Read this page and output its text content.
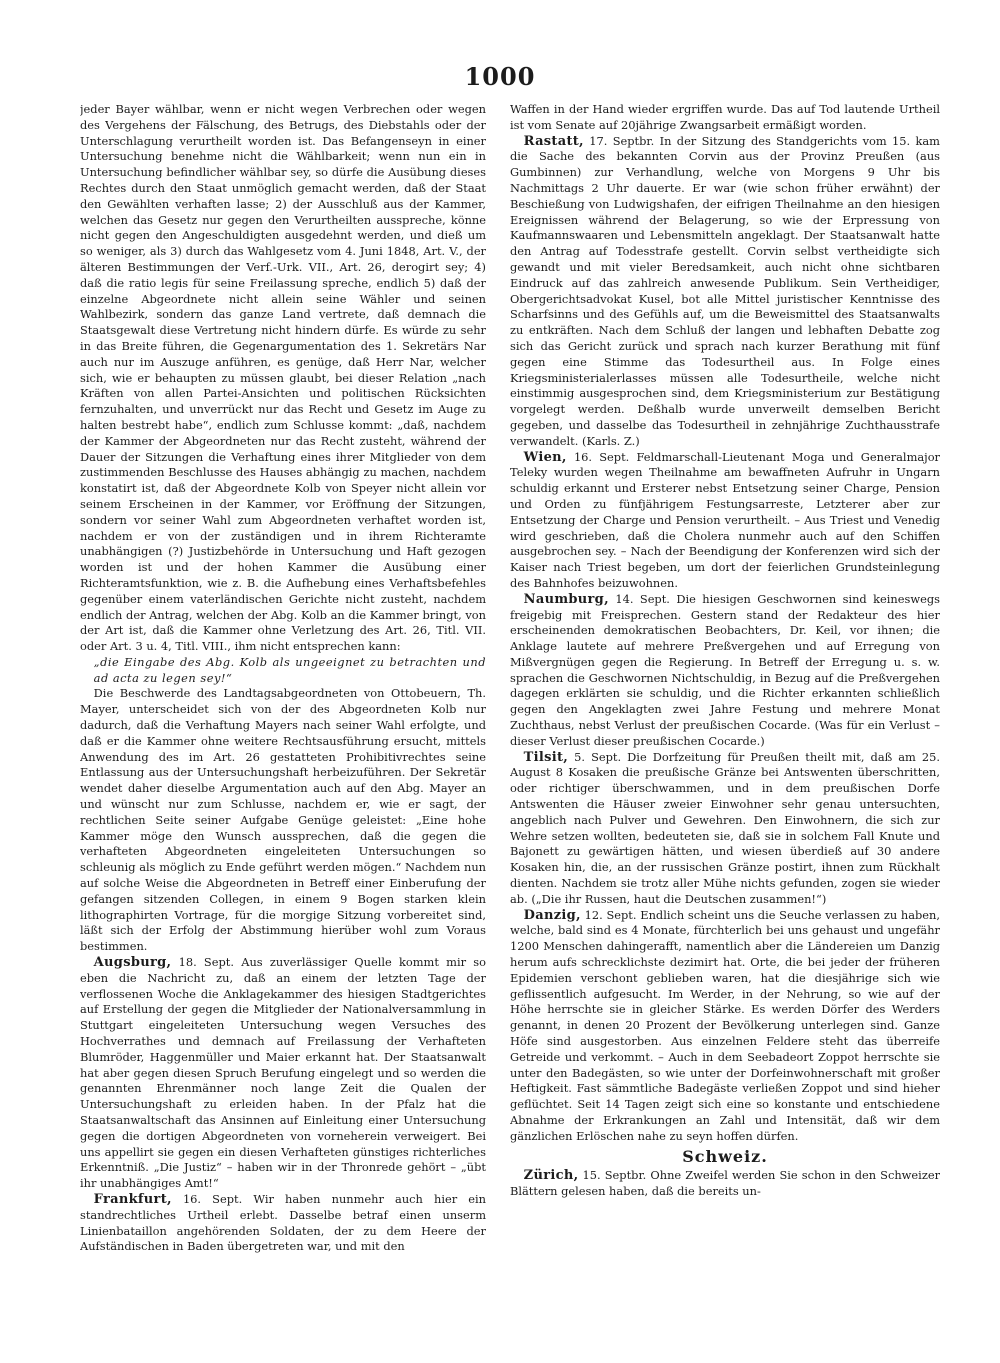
1000

jeder Bayer wählbar, wenn er nicht wegen Verbrechen oder wegen des Vergehens der Fälschung, des Betrugs, des Diebstahls oder der Unterschlagung verurtheilt worden ist. Das Befangenseyn in einer Untersuchung benehme nicht die Wählbarkeit; wenn nun ein in Untersuchung befindlicher wählbar sey, so dürfe die Ausübung dieses Rechtes durch den Staat unmöglich gemacht werden, daß der Staat den Gewählten verhaften lasse; 2) der Ausschluß aus der Kammer, welchen das Gesetz nur gegen den Verurtheilten ausspreche, könne nicht gegen den Angeschuldigten ausgedehnt werden, und dieß um so weniger, als 3) durch das Wahlgesetz vom 4. Juni 1848, Art. V., der älteren Bestimmungen der Verf.-Urk. VII., Art. 26, derogirt sey; 4) daß die ratio legis für seine Freilassung spreche, endlich 5) daß der einzelne Abgeordnete nicht allein seine Wähler und seinen Wahlbezirk, sondern das ganze Land vertrete, daß demnach die Staatsgewalt diese Vertretung nicht hindern dürfe. Es würde zu sehr in das Breite führen, die Gegenargumentation des 1. Sekretärs Nar auch nur im Auszuge anführen, es genüge, daß Herr Nar, welcher sich, wie er behaupten zu müssen glaubt, bei dieser Relation „nach Kräften von allen Partei-Ansichten und politischen Rücksichten fernzuhalten, und unverrückt nur das Recht und Gesetz im Auge zu halten bestrebt habe“, endlich zum Schlusse kommt: „daß, nachdem der Kammer der Abgeordneten nur das Recht zusteht, während der Dauer der Sitzungen die Verhaftung eines ihrer Mitglieder von dem zustimmenden Beschlusse des Hauses abhängig zu machen, nachdem konstatirt ist, daß der Abgeordnete Kolb von Speyer nicht allein vor seinem Erscheinen in der Kammer, vor Eröffnung der Sitzungen, sondern vor seiner Wahl zum Abgeordneten verhaftet worden ist, nachdem er von der zuständigen und in ihrem Richteramte unabhängigen (?) Justizbehörde in Untersuchung und Haft gezogen worden ist und der hohen Kammer die Ausübung einer Richteramtsfunktion, wie z. B. die Aufhebung eines Verhaftsbefehles gegenüber einem vaterländischen Gerichte nicht zusteht, nachdem endlich der Antrag, welchen der Abg. Kolb an die Kammer bringt, von der Art ist, daß die Kammer ohne Verletzung des Art. 26, Titl. VII. oder Art. 3 u. 4, Titl. VIII., ihm nicht entsprechen kann:

„die Eingabe des Abg. Kolb als ungeeignet zu betrachten und ad acta zu legen sey!“

Die Beschwerde des Landtagsabgeordneten von Ottobeuern, Th. Mayer, unterscheidet sich von der des Abgeordneten Kolb nur dadurch, daß die Verhaftung Mayers nach seiner Wahl erfolgte, und daß er die Kammer ohne weitere Rechtsausführung ersucht, mittels Anwendung des im Art. 26 gestatteten Prohibitivrechtes seine Entlassung aus der Untersuchungshaft herbeizuführen. Der Sekretär wendet daher dieselbe Argumentation auch auf den Abg. Mayer an und wünscht nur zum Schlusse, nachdem er, wie er sagt, der rechtlichen Seite seiner Aufgabe Genüge geleistet: „Eine hohe Kammer möge den Wunsch aussprechen, daß die gegen die verhafteten Abgeordneten eingeleiteten Untersuchungen so schleunig als möglich zu Ende geführt werden mögen.“ Nachdem nun auf solche Weise die Abgeordneten in Betreff einer Einberufung der gefangen sitzenden Collegen, in einem 9 Bogen starken klein lithographirten Vortrage, für die morgige Sitzung vorbereitet sind, läßt sich der Erfolg der Abstimmung hierüber wohl zum Voraus bestimmen.

Augsburg, 18. Sept. Aus zuverlässiger Quelle kommt mir so eben die Nachricht zu, daß an einem der letzten Tage der verflossenen Woche die Anklagekammer des hiesigen Stadtgerichtes auf Erstellung der gegen die Mitglieder der Nationalversammlung in Stuttgart eingeleiteten Untersuchung wegen Versuches des Hochverrathes und demnach auf Freilassung der Verhafteten Blumröder, Haggenmüller und Maier erkannt hat. Der Staatsanwalt hat aber gegen diesen Spruch Berufung eingelegt und so werden die genannten Ehrenmänner noch lange Zeit die Qualen der Untersuchungshaft zu erleiden haben. In der Pfalz hat die Staatsanwaltschaft das Ansinnen auf Einleitung einer Untersuchung gegen die dortigen Abgeordneten von vorneherein verweigert. Bei uns appellirt sie gegen ein diesen Verhafteten günstiges richterliches Erkenntniß. „Die Justiz“ – haben wir in der Thronrede gehört – „übt ihr unabhängiges Amt!“

Frankfurt, 16. Sept. Wir haben nunmehr auch hier ein standrechtliches Urtheil erlebt. Dasselbe betraf einen unserm Linienbataillon angehörenden Soldaten, der zu dem Heere der Aufständischen in Baden übergetreten war, und mit den

Waffen in der Hand wieder ergriffen wurde. Das auf Tod lautende Urtheil ist vom Senate auf 20jährige Zwangsarbeit ermäßigt worden.

Rastatt, 17. Septbr. In der Sitzung des Standgerichts vom 15. kam die Sache des bekannten Corvin aus der Provinz Preußen (aus Gumbinnen) zur Verhandlung, welche von Morgens 9 Uhr bis Nachmittags 2 Uhr dauerte. Er war (wie schon früher erwähnt) der Beschießung von Ludwigshafen, der eifrigen Theilnahme an den hiesigen Ereignissen während der Belagerung, so wie der Erpressung von Kaufmannswaaren und Lebensmitteln angeklagt. Der Staatsanwalt hatte den Antrag auf Todesstrafe gestellt. Corvin selbst vertheidigte sich gewandt und mit vieler Beredsamkeit, auch nicht ohne sichtbaren Eindruck auf das zahlreich anwesende Publikum. Sein Vertheidiger, Obergerichtsadvokat Kusel, bot alle Mittel juristischer Kenntnisse des Scharfsinns und des Gefühls auf, um die Beweismittel des Staatsanwalts zu entkräften. Nach dem Schluß der langen und lebhaften Debatte zog sich das Gericht zurück und sprach nach kurzer Berathung mit fünf gegen eine Stimme das Todesurtheil aus. In Folge eines Kriegsministerialerlasses müssen alle Todesurtheile, welche nicht einstimmig ausgesprochen sind, dem Kriegsministerium zur Bestätigung vorgelegt werden. Deßhalb wurde unverweilt demselben Bericht gegeben, und dasselbe das Todesurtheil in zehnjährige Zuchthausstrafe verwandelt. (Karls. Z.)

Wien, 16. Sept. Feldmarschall-Lieutenant Moga und Generalmajor Teleky wurden wegen Theilnahme am bewaffneten Aufruhr in Ungarn schuldig erkannt und Ersterer nebst Entsetzung seiner Charge, Pension und Orden zu fünfjährigem Festungsarreste, Letzterer aber zur Entsetzung der Charge und Pension verurtheilt. – Aus Triest und Venedig wird geschrieben, daß die Cholera nunmehr auch auf den Schiffen ausgebrochen sey. – Nach der Beendigung der Konferenzen wird sich der Kaiser nach Triest begeben, um dort der feierlichen Grundsteinlegung des Bahnhofes beizuwohnen.

Naumburg, 14. Sept. Die hiesigen Geschwornen sind keineswegs freigebig mit Freisprechen. Gestern stand der Redakteur des hier erscheinenden demokratischen Beobachters, Dr. Keil, vor ihnen; die Anklage lautete auf mehrere Preßvergehen und auf Erregung von Mißvergnügen gegen die Regierung. In Betreff der Erregung u. s. w. sprachen die Geschwornen Nichtschuldig, in Bezug auf die Preßvergehen dagegen erklärten sie schuldig, und die Richter erkannten schließlich gegen den Angeklagten zwei Jahre Festung und mehrere Monat Zuchthaus, nebst Verlust der preußischen Cocarde. (Was für ein Verlust – dieser Verlust dieser preußischen Cocarde.)

Tilsit, 5. Sept. Die Dorfzeitung für Preußen theilt mit, daß am 25. August 8 Kosaken die preußische Gränze bei Antswenten überschritten, oder richtiger überschwammen, und in dem preußischen Dorfe Antswenten die Häuser zweier Einwohner sehr genau untersuchten, angeblich nach Pulver und Gewehren. Den Einwohnern, die sich zur Wehre setzen wollten, bedeuteten sie, daß sie in solchem Fall Knute und Bajonett zu gewärtigen hätten, und wiesen überdieß auf 30 andere Kosaken hin, die, an der russischen Gränze postirt, ihnen zum Rückhalt dienten. Nachdem sie trotz aller Mühe nichts gefunden, zogen sie wieder ab. („Die ihr Russen, haut die Deutschen zusammen!“)

Danzig, 12. Sept. Endlich scheint uns die Seuche verlassen zu haben, welche, bald sind es 4 Monate, fürchterlich bei uns gehaust und ungefähr 1200 Menschen dahingerafft, namentlich aber die Ländereien um Danzig herum aufs schrecklichste dezimirt hat. Orte, die bei jeder der früheren Epidemien verschont geblieben waren, hat die diesjährige sich wie geflissentlich aufgesucht. Im Werder, in der Nehrung, so wie auf der Höhe herrschte sie in gleicher Stärke. Es werden Dörfer des Werders genannt, in denen 20 Prozent der Bevölkerung unterlegen sind. Ganze Höfe sind ausgestorben. Aus einzelnen Feldere steht das überreife Getreide und verkommt. – Auch in dem Seebadeort Zoppot herrschte sie unter den Badegästen, so wie unter der Dorfeinwohnerschaft mit großer Heftigkeit. Fast sämmtliche Badegäste verließen Zoppot und sind hieher geflüchtet. Seit 14 Tagen zeigt sich eine so konstante und entschiedene Abnahme der Erkrankungen an Zahl und Intensität, daß wir dem gänzlichen Erlöschen nahe zu seyn hoffen dürfen.

Schweiz.

Zürich, 15. Septbr. Ohne Zweifel werden Sie schon in den Schweizer Blättern gelesen haben, daß die bereits un-
